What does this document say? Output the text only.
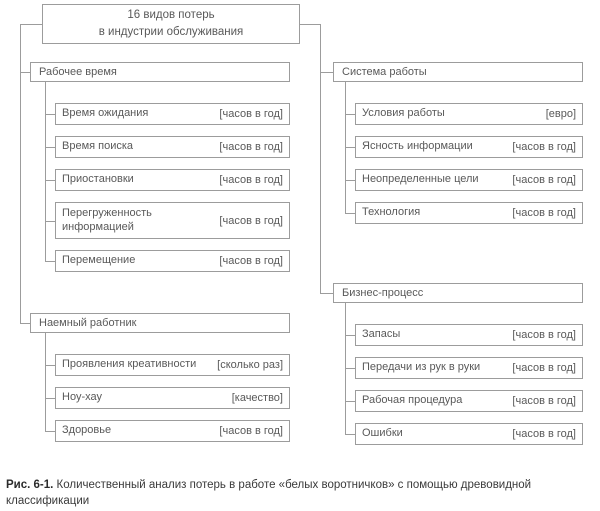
16 видов потерь
в индустрии обслуживания
Рабочее время
Время ожидания	[часов в год]
Время поиска	[часов в год]
Приостановки	[часов в год]
Перегруженность информацией	[часов в год]
Перемещение	[часов в год]
Наемный работник
Проявления креативности	[сколько раз]
Ноу-хау	[качество]
Здоровье	[часов в год]
Система работы
Условия работы	[евро]
Ясность информации	[часов в год]
Неопределенные цели	[часов в год]
Технология	[часов в год]
Бизнес-процесс
Запасы	[часов в год]
Передачи из рук в руки	[часов в год]
Рабочая процедура	[часов в год]
Ошибки	[часов в год]
Рис. 6-1. Количественный анализ потерь в работе «белых воротничков» с помощью древовидной классификации
